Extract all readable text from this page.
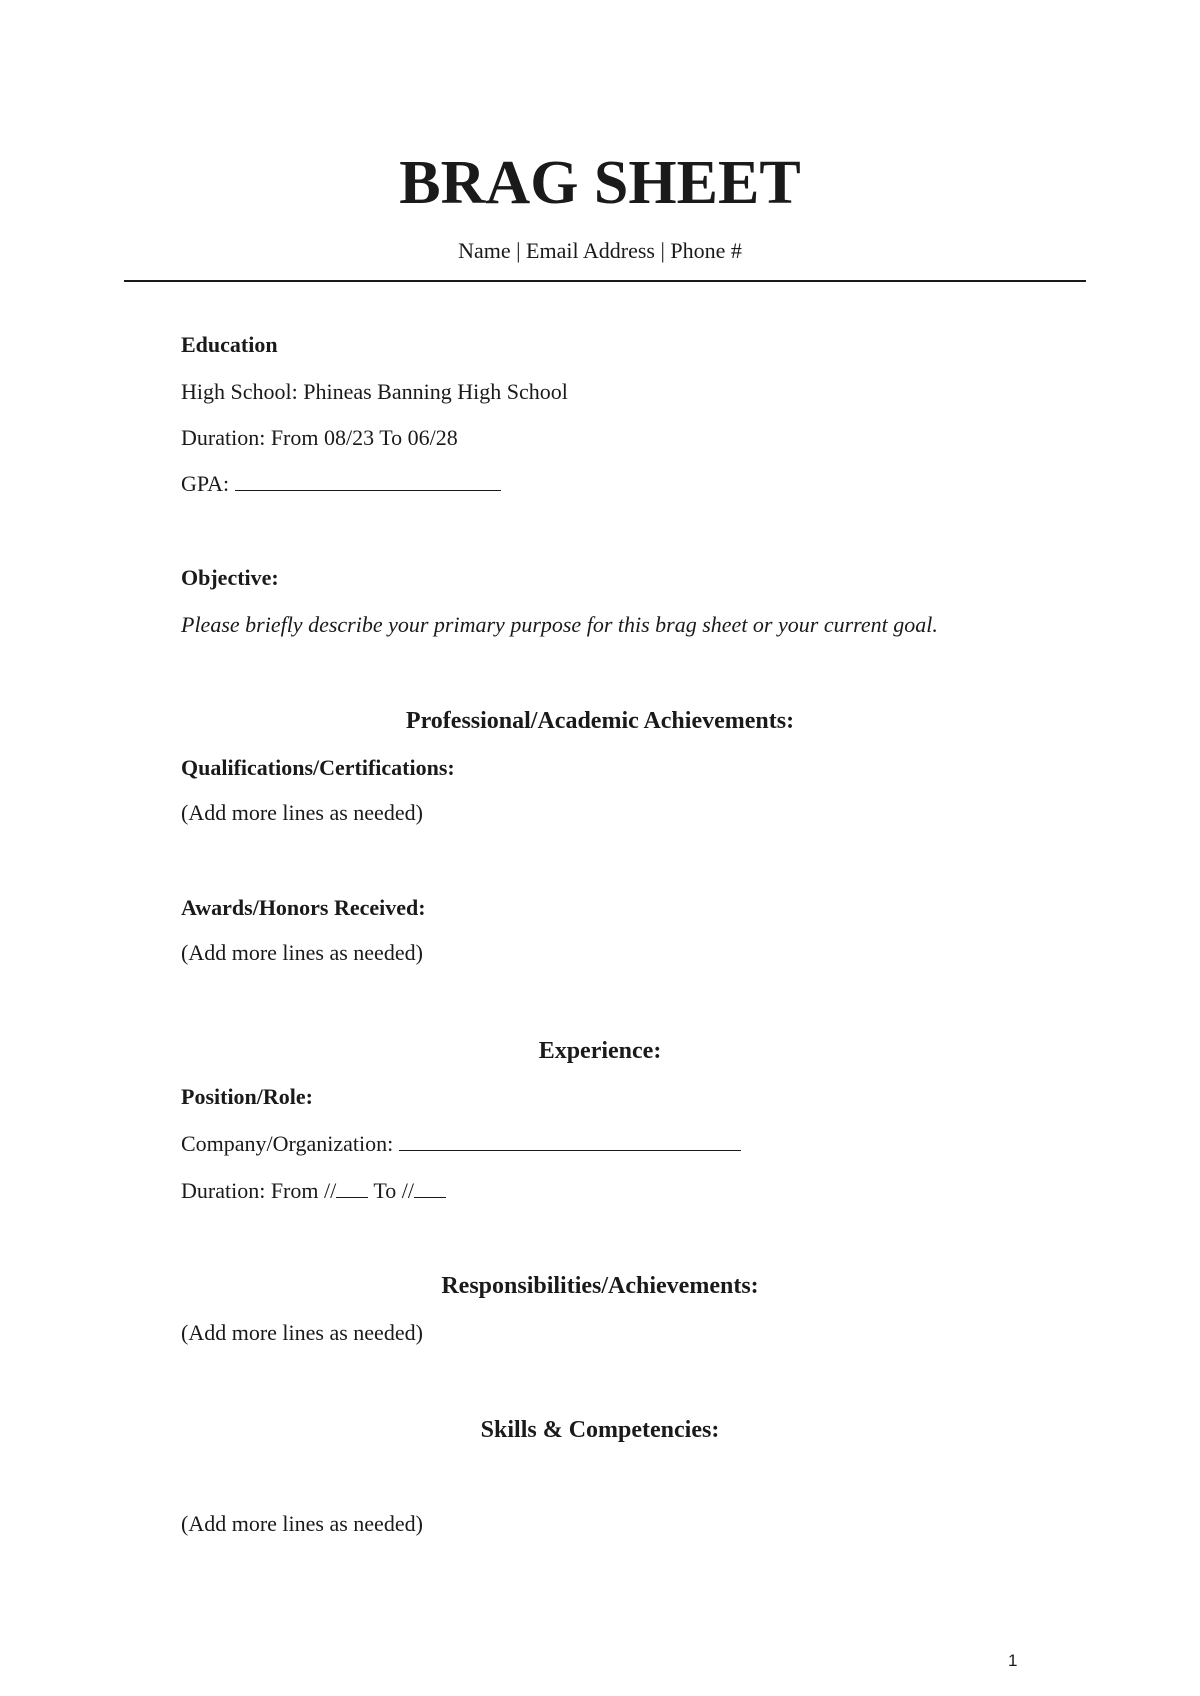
BRAG SHEET
Name | Email Address | Phone #
Education
High School: Phineas Banning High School
Duration: From 08/23 To 06/28
GPA:
Objective:
Please briefly describe your primary purpose for this brag sheet or your current goal.
Professional/Academic Achievements:
Qualifications/Certifications:
(Add more lines as needed)
Awards/Honors Received:
(Add more lines as needed)
Experience:
Position/Role:
Company/Organization:
Duration: From // To //
Responsibilities/Achievements:
(Add more lines as needed)
Skills & Competencies:
(Add more lines as needed)
1
